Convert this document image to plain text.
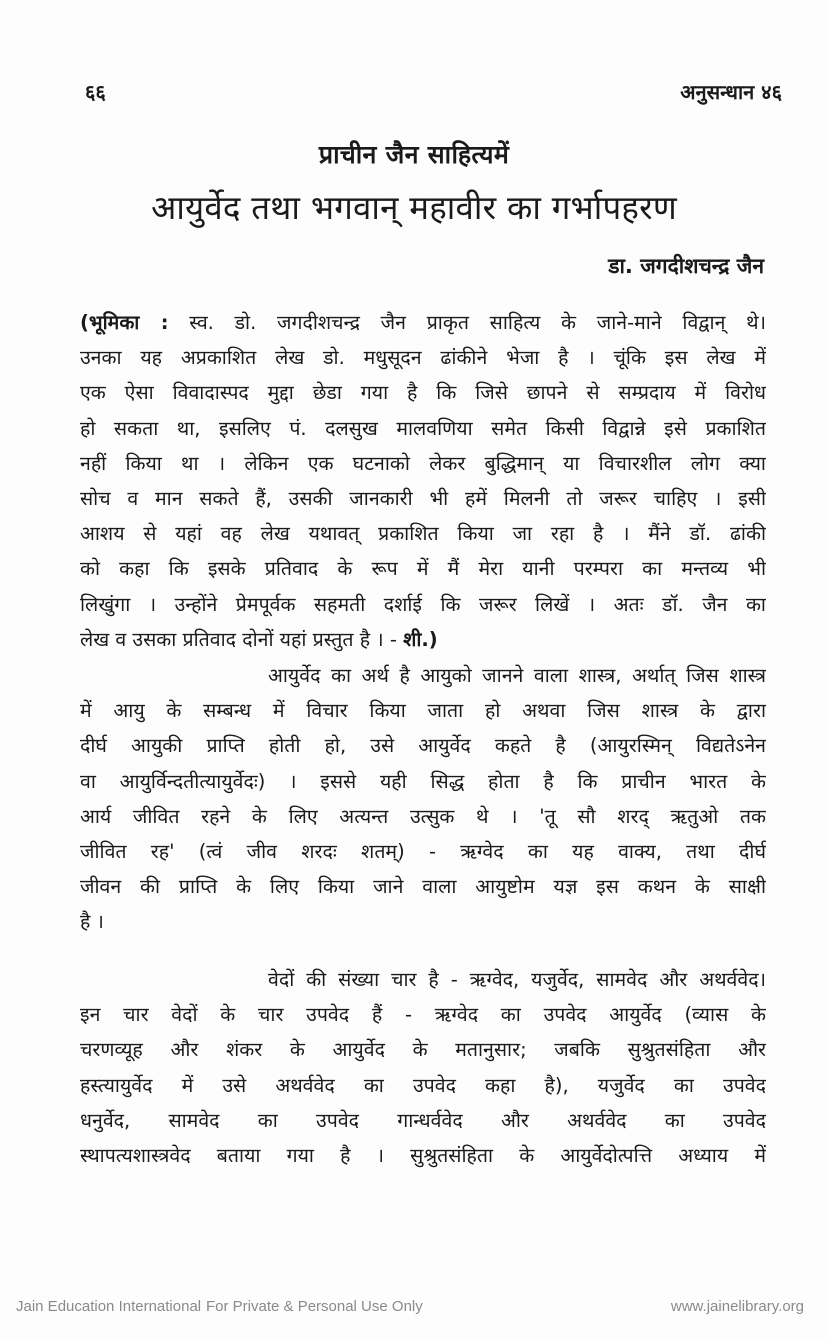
६६	अनुसन्धान ४६
प्राचीन जैन साहित्यमें
आयुर्वेद तथा भगवान् महावीर का गर्भापहरण
डा. जगदीशचन्द्र जैन
(भूमिका : स्व. डो. जगदीशचन्द्र जैन प्राकृत साहित्य के जाने-माने विद्वान् थे।
उनका यह अप्रकाशित लेख डो. मधुसूदन ढांकीने भेजा है । चूंकि इस लेख में
एक ऐसा विवादास्पद मुद्दा छेडा गया है कि जिसे छापने से सम्प्रदाय में विरोध
हो सकता था, इसलिए पं. दलसुख मालवणिया समेत किसी विद्वान्ने इसे प्रकाशित
नहीं किया था । लेकिन एक घटनाको लेकर बुद्धिमान् या विचारशील लोग क्या
सोच व मान सकते हैं, उसकी जानकारी भी हमें मिलनी तो जरूर चाहिए । इसी
आशय से यहां वह लेख यथावत् प्रकाशित किया जा रहा है । मैंने डॉ. ढांकी
को कहा कि इसके प्रतिवाद के रूप में मैं मेरा यानी परम्परा का मन्तव्य भी
लिखुंगा । उन्होंने प्रेमपूर्वक सहमती दर्शाई कि जरूर लिखें । अतः डॉ. जैन का
लेख व उसका प्रतिवाद दोनों यहां प्रस्तुत है । - शी.)
आयुर्वेद का अर्थ है आयुको जानने वाला शास्त्र, अर्थात् जिस शास्त्र
में आयु के सम्बन्ध में विचार किया जाता हो अथवा जिस शास्त्र के द्वारा
दीर्घ आयुकी प्राप्ति होती हो, उसे आयुर्वेद कहते है (आयुरस्मिन् विद्यतेऽनेन
वा आयुर्विन्दतीत्यायुर्वेदः) । इससे यही सिद्ध होता है कि प्राचीन भारत के
आर्य जीवित रहने के लिए अत्यन्त उत्सुक थे । 'तू सौ शरद् ऋतुओ तक
जीवित रह' (त्वं जीव शरदः शतम्) - ऋग्वेद का यह वाक्य, तथा दीर्घ
जीवन की प्राप्ति के लिए किया जाने वाला आयुष्टोम यज्ञ इस कथन के साक्षी
है ।
वेदों की संख्या चार है - ऋग्वेद, यजुर्वेद, सामवेद और अथर्ववेद।
इन चार वेदों के चार उपवेद हैं - ऋग्वेद का उपवेद आयुर्वेद (व्यास के
चरणव्यूह और शंकर के आयुर्वेद के मतानुसार; जबकि सुश्रुतसंहिता और
हस्त्यायुर्वेद में उसे अथर्ववेद का उपवेद कहा है), यजुर्वेद का उपवेद
धनुर्वेद, सामवेद का उपवेद गान्धर्ववेद और अथर्ववेद का उपवेद
स्थापत्यशास्त्रवेद बताया गया है । सुश्रुतसंहिता के आयुर्वेदोत्पत्ति अध्याय में
Jain Education International For Private & Personal Use Only	www.jainelibrary.org
